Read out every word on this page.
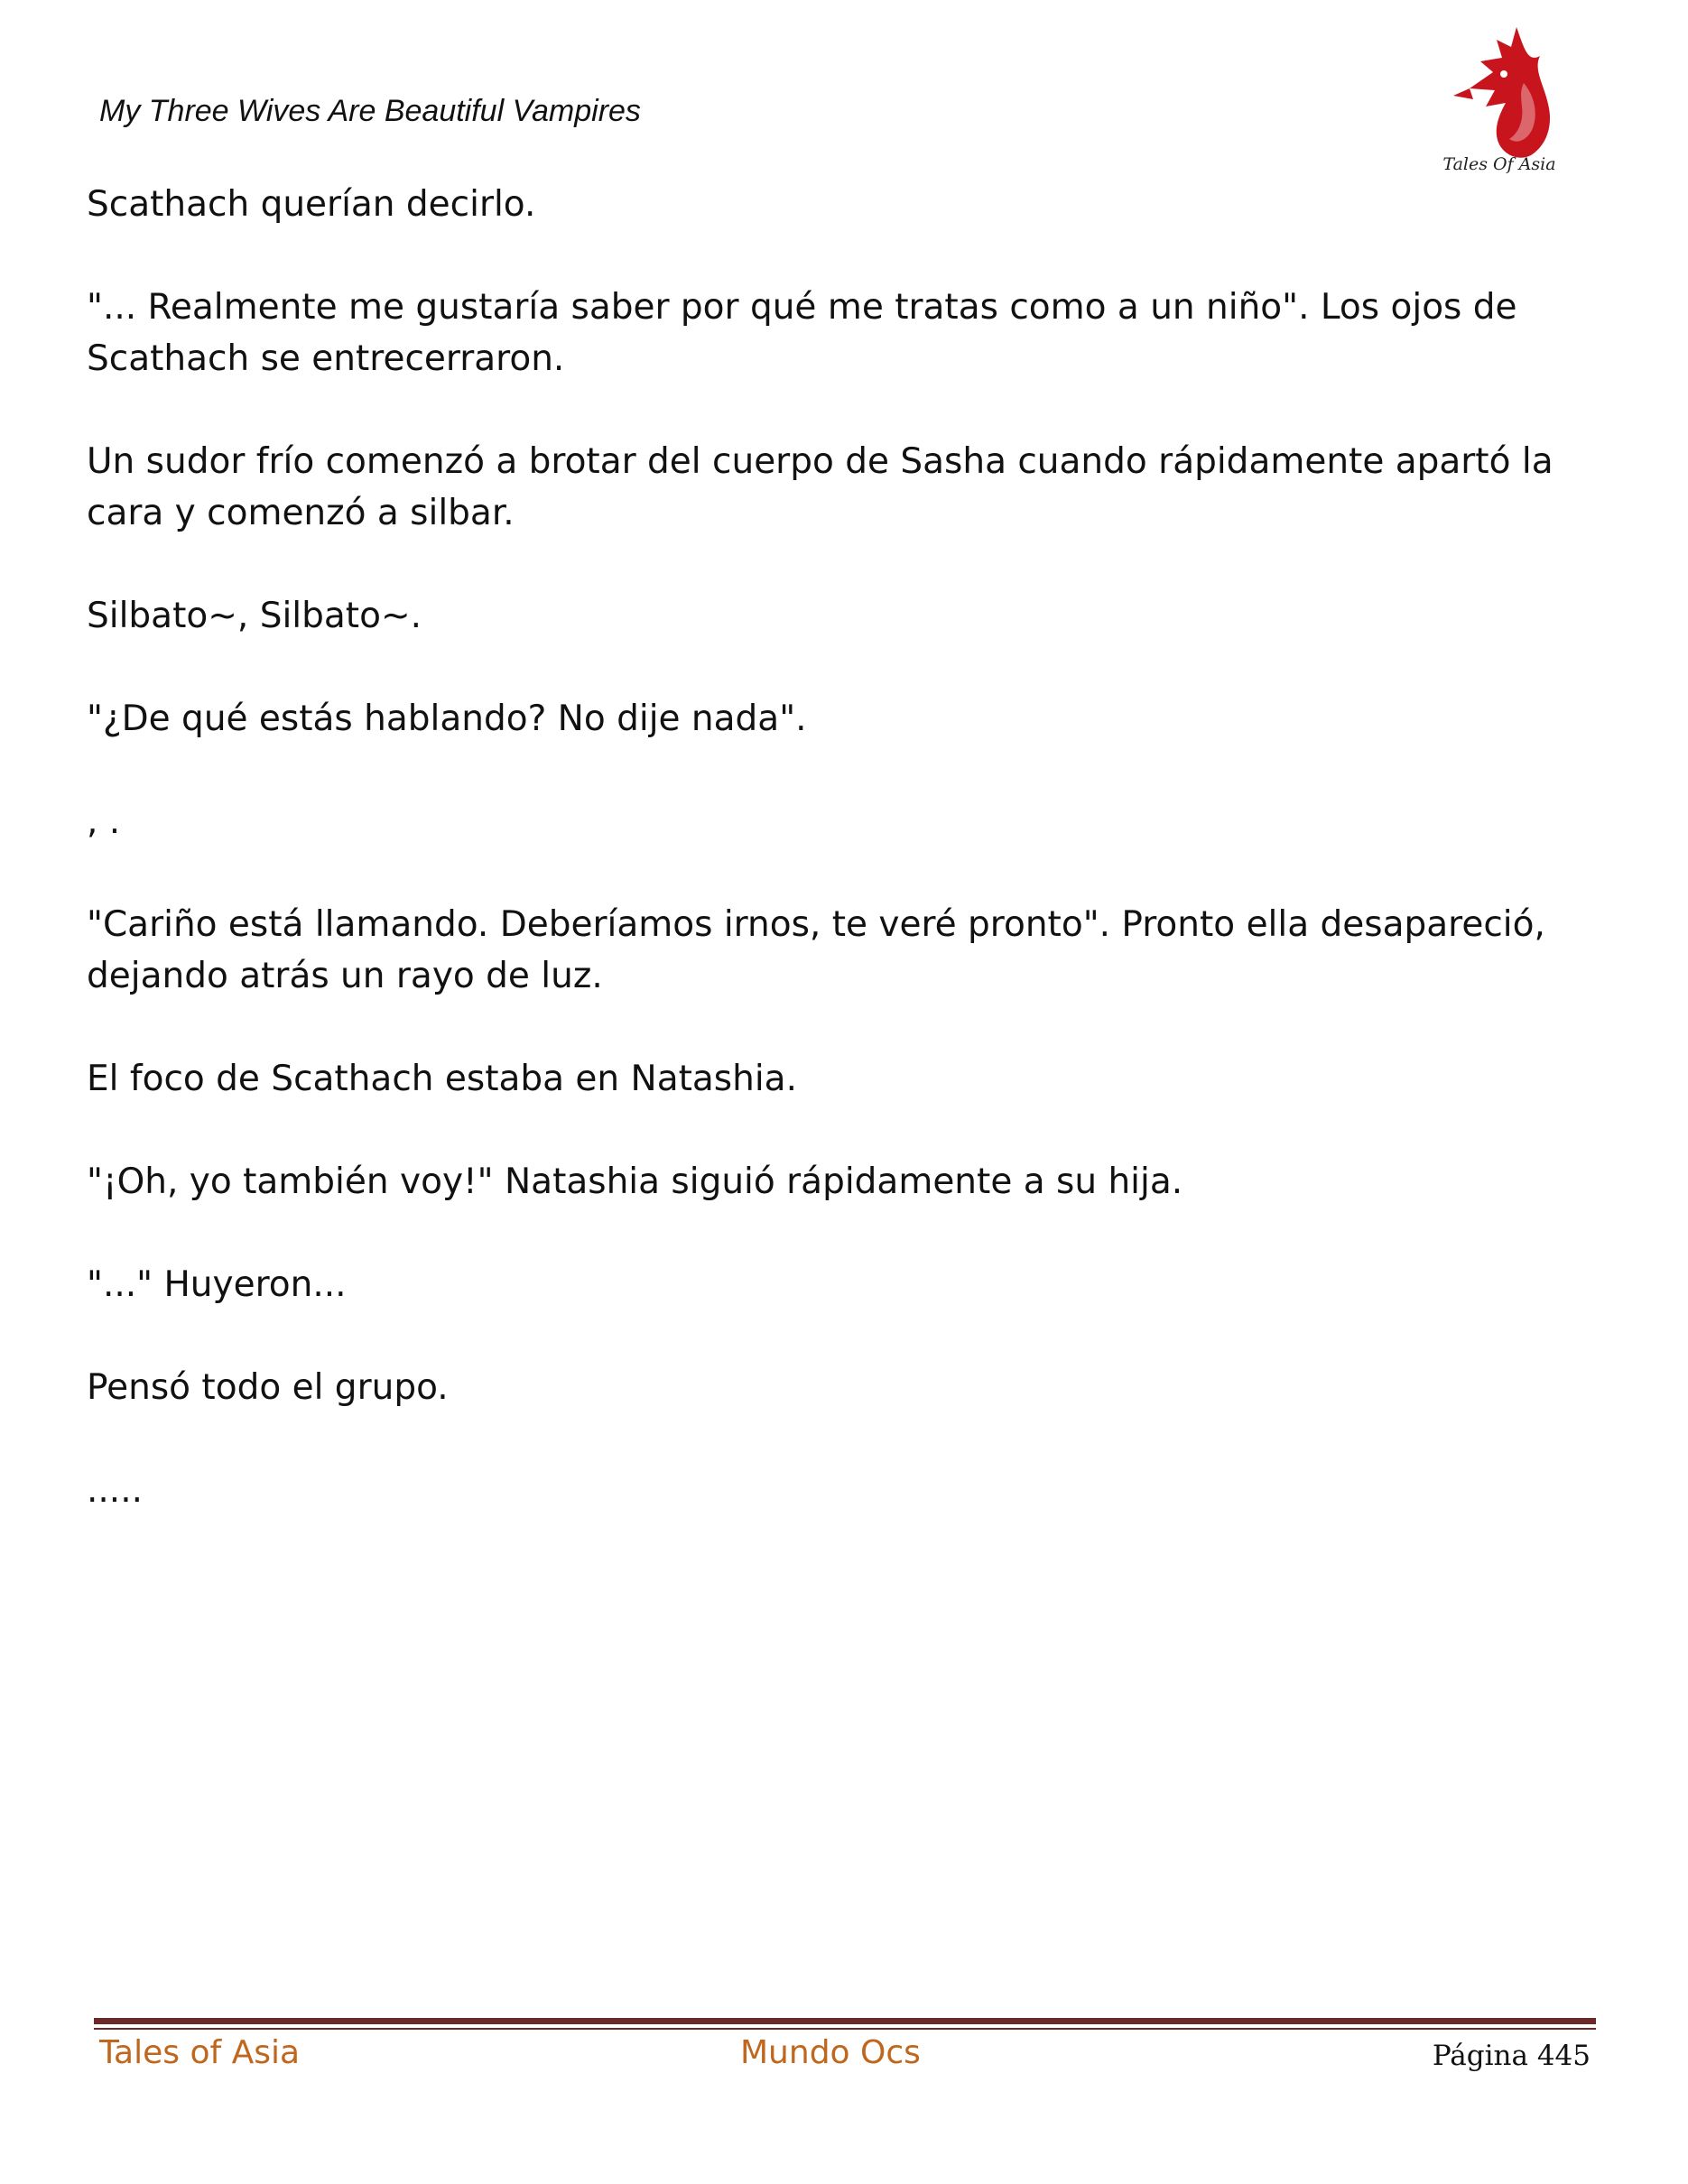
My Three Wives Are Beautiful Vampires
Tales Of Asia

Scathach querían decirlo.

"... Realmente me gustaría saber por qué me tratas como a un niño". Los ojos de Scathach se entrecerraron.

Un sudor frío comenzó a brotar del cuerpo de Sasha cuando rápidamente apartó la cara y comenzó a silbar.

Silbato~, Silbato~.

"¿De qué estás hablando? No dije nada".

, .

"Cariño está llamando. Deberíamos irnos, te veré pronto". Pronto ella desapareció, dejando atrás un rayo de luz.

El foco de Scathach estaba en Natashia.

"¡Oh, yo también voy!" Natashia siguió rápidamente a su hija.

"..." Huyeron...

Pensó todo el grupo.

.....

Tales of Asia	Mundo Ocs	Página 445
